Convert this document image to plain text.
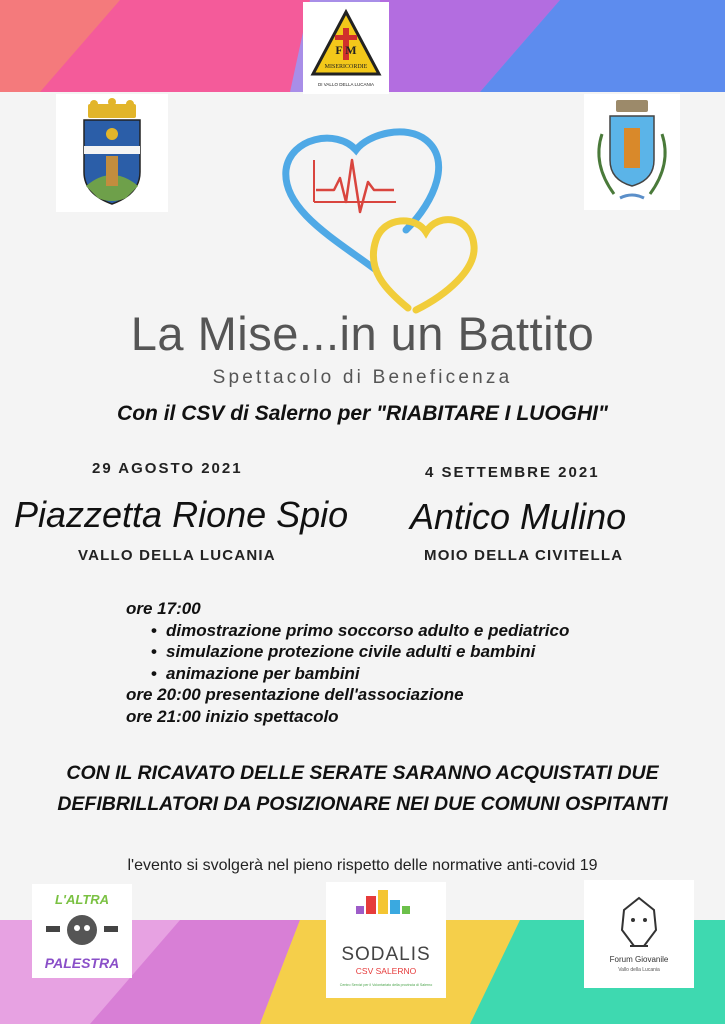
MISERICORDIE
DI VALLO DELLA LUCANIA
F M
La Mise...in un Battito
Spettacolo di Beneficenza
Con il CSV di Salerno per "RIABITARE I LUOGHI"
29 AGOSTO 2021
Piazzetta Rione Spio
VALLO DELLA LUCANIA
4 SETTEMBRE 2021
Antico Mulino
MOIO DELLA CIVITELLA
ore 17:00
• dimostrazione primo soccorso adulto e pediatrico
• simulazione protezione civile adulti e bambini
• animazione per bambini
ore 20:00 presentazione dell'associazione
ore 21:00 inizio spettacolo
CON IL RICAVATO DELLE SERATE SARANNO ACQUISTATI DUE
DEFIBRILLATORI DA POSIZIONARE NEI DUE COMUNI OSPITANTI
l'evento si svolgerà nel pieno rispetto delle normative anti-covid 19
L'ALTRA
PALESTRA	SODALIS
CSV SALERNO
Centro Servizi per il Volontariato della provincia di Salerno
Forum Giovanile
Vallo della Lucania
